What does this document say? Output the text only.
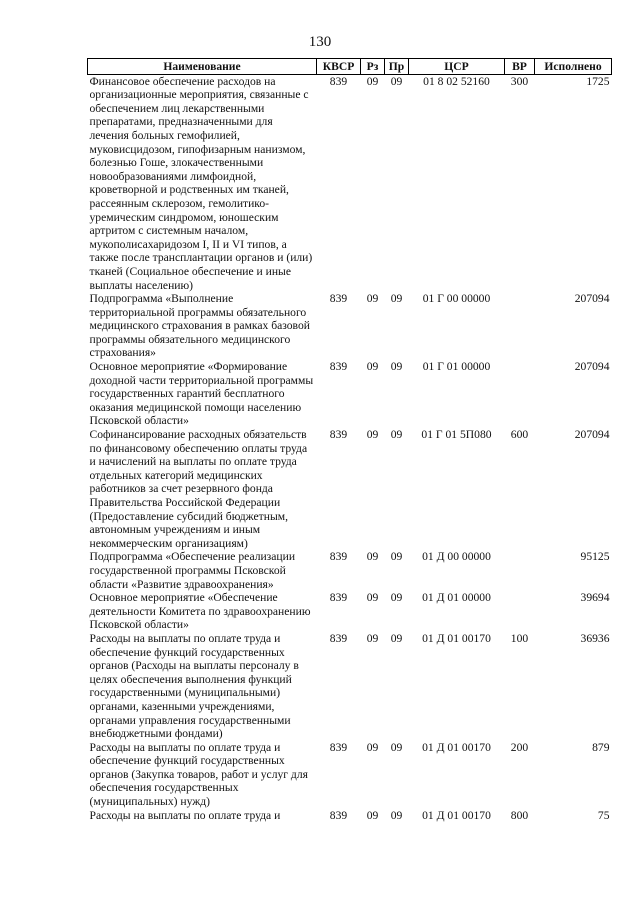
130
Наименование	КВСР	Рз	Пр	ЦСР	ВР	Исполнено
Финансовое обеспечение расходов на организационные мероприятия, связанные с обеспечением лиц лекарственными препаратами, предназначенными для лечения больных гемофилией, муковисцидозом, гипофизарным нанизмом, болезнью Гоше, злокачественными новообразованиями лимфоидной, кроветворной и родственных им тканей, рассеянным склерозом, гемолитико-уремическим синдромом, юношеским артритом с системным началом, мукополисахаридозом I, II и VI типов, а также после трансплантации органов и (или) тканей (Социальное обеспечение и иные выплаты населению)	839	09	09	01 8 02 52160	300	1725
Подпрограмма «Выполнение территориальной программы обязательного медицинского страхования в рамках базовой программы обязательного медицинского страхования»	839	09	09	01 Г 00 00000		207094
Основное мероприятие «Формирование доходной части территориальной программы государственных гарантий бесплатного оказания медицинской помощи населению Псковской области»	839	09	09	01 Г 01 00000		207094
Софинансирование расходных обязательств по финансовому обеспечению оплаты труда и начислений на выплаты по оплате труда отдельных категорий медицинских работников за счет резервного фонда Правительства Российской Федерации (Предоставление субсидий бюджетным, автономным учреждениям и иным некоммерческим организациям)	839	09	09	01 Г 01 5П080	600	207094
Подпрограмма «Обеспечение реализации государственной программы Псковской области «Развитие здравоохранения»	839	09	09	01 Д 00 00000		95125
Основное мероприятие «Обеспечение деятельности Комитета по здравоохранению Псковской области»	839	09	09	01 Д 01 00000		39694
Расходы на выплаты по оплате труда и обеспечение функций государственных органов (Расходы на выплаты персоналу в целях обеспечения выполнения функций государственными (муниципальными) органами, казенными учреждениями, органами управления государственными внебюджетными фондами)	839	09	09	01 Д 01 00170	100	36936
Расходы на выплаты по оплате труда и обеспечение функций государственных органов (Закупка товаров, работ и услуг для обеспечения государственных (муниципальных) нужд)	839	09	09	01 Д 01 00170	200	879
Расходы на выплаты по оплате труда и	839	09	09	01 Д 01 00170	800	75
